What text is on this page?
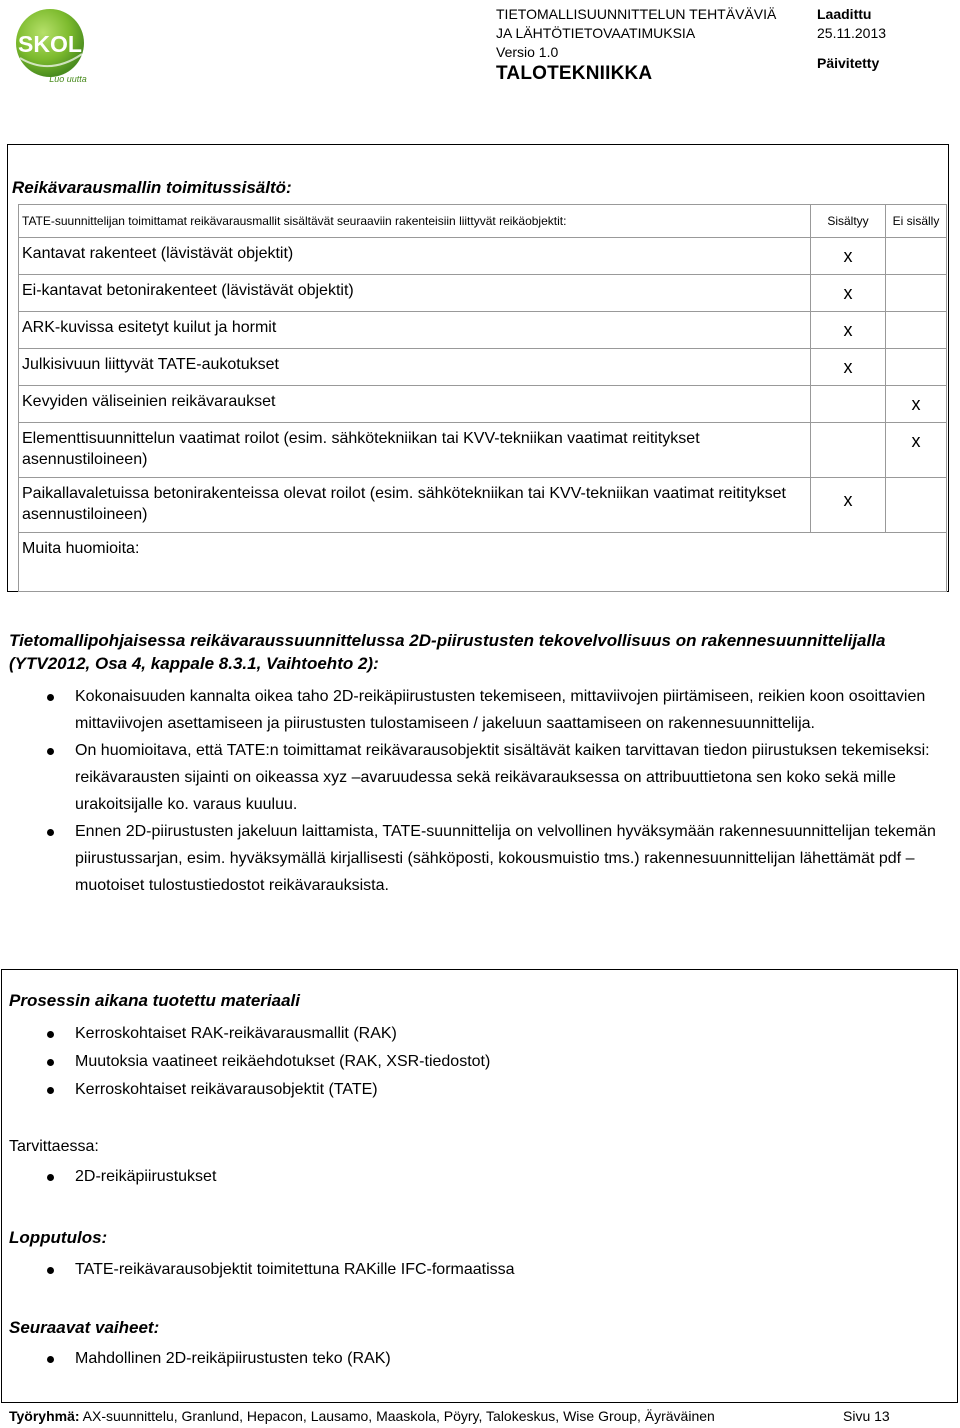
SKOL
Luo uutta
TIETOMALLISUUNNITTELUN TEHTÄVÄVIÄ
JA LÄHTÖTIETOVAATIMUKSIA
Versio 1.0
TALOTEKNIIKKA
Laadittu
25.11.2013
Päivitetty
Reikävarausmallin toimitussisältö:
TATE-suunnittelijan toimittamat reikävarausmallit sisältävät seuraaviin rakenteisiin liittyvät reikäobjektit:	Sisältyy	Ei sisälly

Kantavat rakenteet (lävistävät objektit)	x	

Ei-kantavat betonirakenteet (lävistävät objektit)	x	

ARK-kuvissa esitetyt kuilut ja hormit	x	

Julkisivuun liittyvät TATE-aukotukset	x	

Kevyiden väliseinien reikävaraukset		x

Elementtisuunnittelun vaatimat roilot (esim. sähkötekniikan tai KVV-tekniikan vaatimat reititykset asennustiloineen)		x

Paikallavaletuissa betonirakenteissa olevat roilot (esim. sähkötekniikan tai KVV-tekniikan vaatimat reititykset asennustiloineen)	x	

Muita huomioita:		
Tietomallipohjaisessa reikävaraussuunnittelussa 2D-piirustusten tekovelvollisuus on rakennesuunnittelijalla (YTV2012, Osa 4, kappale 8.3.1, Vaihtoehto 2):
Kokonaisuuden kannalta oikea taho 2D-reikäpiirustusten tekemiseen, mittaviivojen piirtämiseen, reikien koon osoittavien mittaviivojen asettamiseen ja piirustusten tulostamiseen / jakeluun saattamiseen on rakennesuunnittelija.
On huomioitava, että TATE:n toimittamat reikävarausobjektit sisältävät kaiken tarvittavan tiedon piirustuksen tekemiseksi: reikävarausten sijainti on oikeassa xyz –avaruudessa sekä reikävarauksessa on attribuuttietona sen koko sekä mille urakoitsijalle ko. varaus kuuluu.
Ennen 2D-piirustusten jakeluun laittamista, TATE-suunnittelija on velvollinen hyväksymään rakennesuunnittelijan tekemän piirustussarjan, esim. hyväksymällä kirjallisesti (sähköposti, kokousmuistio tms.) rakennesuunnittelijan lähettämät pdf –muotoiset tulostustiedostot reikävarauksista.
Prosessin aikana tuotettu materiaali
Kerroskohtaiset RAK-reikävarausmallit (RAK)
Muutoksia vaatineet reikäehdotukset (RAK, XSR-tiedostot)
Kerroskohtaiset reikävarausobjektit (TATE)
Tarvittaessa:
2D-reikäpiirustukset
Lopputulos:
TATE-reikävarausobjektit toimitettuna RAKille IFC-formaatissa
Seuraavat vaiheet:
Mahdollinen 2D-reikäpiirustusten teko (RAK)
Työryhmä: AX-suunnittelu, Granlund, Hepacon, Lausamo, Maaskola, Pöyry, Talokeskus, Wise Group, Äyräväinen	Sivu 13
